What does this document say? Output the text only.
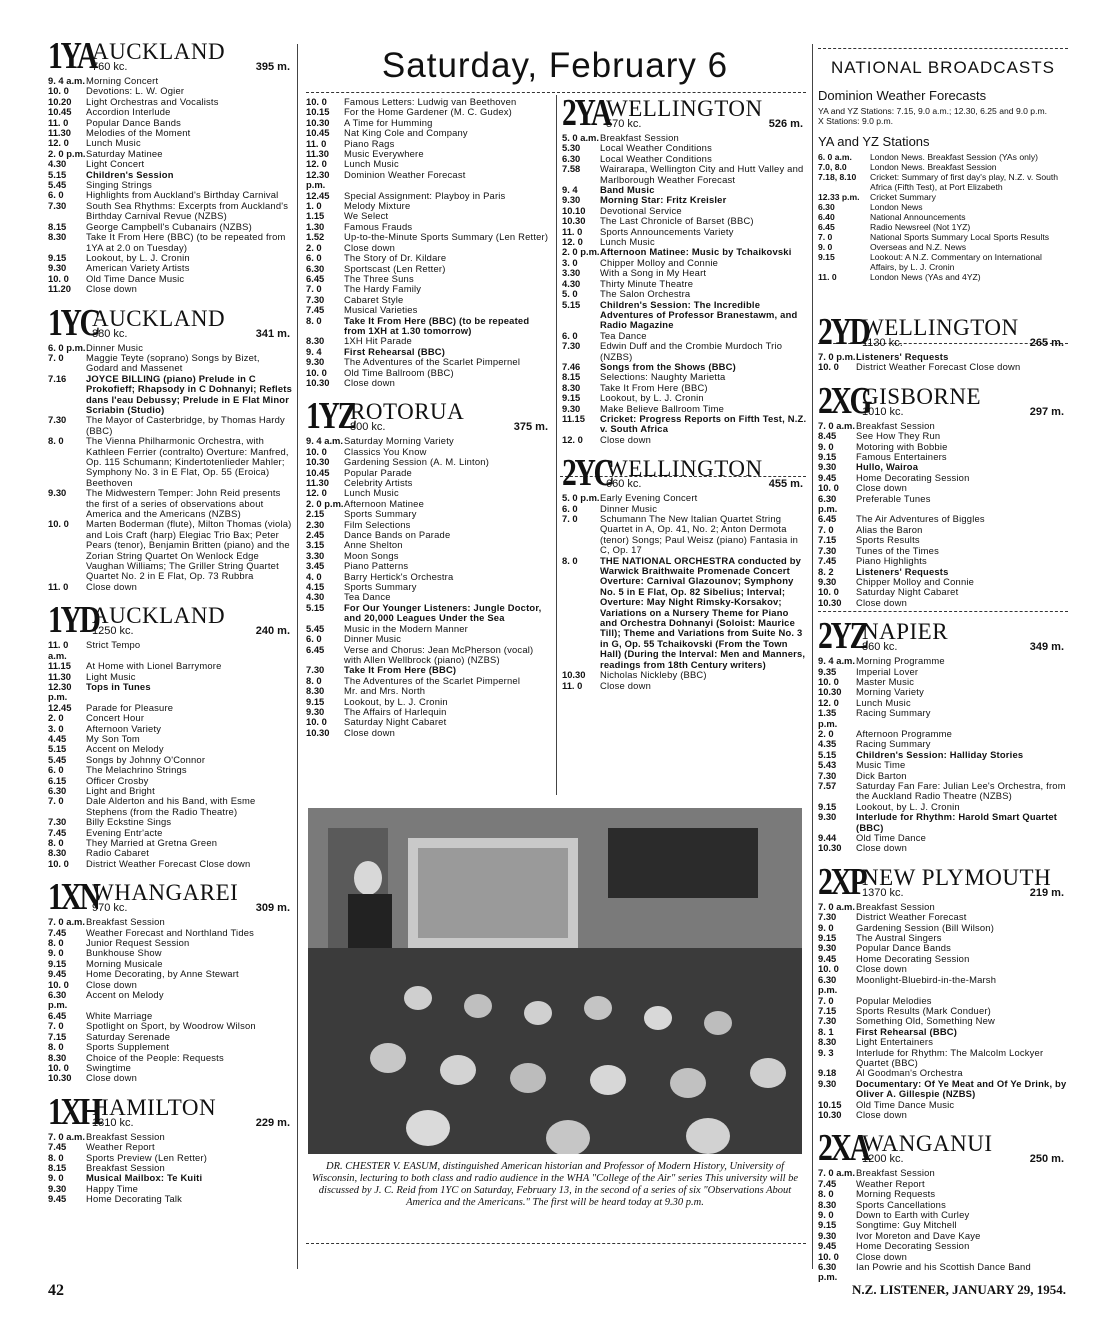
Saturday, February 6
1YA
AUCKLAND
760 kc.	395 m.
9. 4 a.m. Morning Concert
10. 0	Devotions: L. W. Ogier
10.20	Light Orchestras and Vocalists
10.45	Accordion Interlude
11. 0	Popular Dance Bands
11.30	Melodies of the Moment
12. 0	Lunch Music
2. 0 p.m. Saturday Matinee
4.30	Light Concert
5.15	Children's Session
5.45	Singing Strings
6. 0	Highlights from Auckland's Birthday Carnival
7.30	South Sea Rhythms: Excerpts from Auckland's Birthday Carnival Revue (NZBS)
8.15	George Campbell's Cubanairs (NZBS)
8.30	Take It From Here (BBC) (to be repeated from 1YA at 2.0 on Tuesday)
9.15	Lookout, by L. J. Cronin
9.30	American Variety Artists
10. 0	Old Time Dance Music
11.20	Close down
1YC
AUCKLAND
880 kc.	341 m.
6. 0 p.m. Dinner Music
7. 0	Maggie Teyte (soprano) Songs by Bizet, Godard and Massenet
7.16	JOYCE BILLING (piano) Prelude in C Prokofieff; Rhapsody in C Dohnanyi; Reflets dans l'eau Debussy; Prelude in E Flat Minor Scriabin (Studio)
7.30	The Mayor of Casterbridge, by Thomas Hardy (BBC)
8. 0	The Vienna Philharmonic Orchestra, with Kathleen Ferrier (contralto) Overture: Manfred, Op. 115 Schumann; Kindertotenlieder Mahler; Symphony No. 3 in E Flat, Op. 55 (Eroica) Beethoven
9.30	The Midwestern Temper: John Reid presents the first of a series of observations about America and the Americans (NZBS)
10. 0	Marten Boderman (flute), Milton Thomas (viola) and Lois Craft (harp) Elegiac Trio Bax; Peter Pears (tenor), Benjamin Britten (piano) and the Zorian String Quartet On Wenlock Edge Vaughan Williams; The Griller String Quartet Quartet No. 2 in E Flat, Op. 73 Rubbra
11. 0	Close down
1YD
AUCKLAND
1250 kc.	240 m.
11. 0 a.m.
Strict Tempo
11.15	At Home with Lionel Barrymore
11.30	Light Music
12.30 p.m.
Tops in Tunes
12.45	Parade for Pleasure
2. 0	Concert Hour
3. 0	Afternoon Variety
4.45	My Son Tom
5.15	Accent on Melody
5.45	Songs by Johnny O'Connor
6. 0	The Melachrino Strings
6.15	Officer Crosby
6.30	Light and Bright
7. 0	Dale Alderton and his Band, with Esme Stephens (from the Radio Theatre)
7.30	Billy Eckstine Sings
7.45	Evening Entr'acte
8. 0	They Married at Gretna Green
8.30	Radio Cabaret
10. 0	District Weather Forecast Close down
1XN
WHANGAREI
970 kc.	309 m.
7. 0 a.m. Breakfast Session
7.45	Weather Forecast and Northland Tides
8. 0	Junior Request Session
9. 0	Bunkhouse Show
9.15	Morning Musicale
9.45	Home Decorating, by Anne Stewart
10. 0	Close down
6.30 p.m.
Accent on Melody
6.45	White Marriage
7. 0	Spotlight on Sport, by Woodrow Wilson
7.15	Saturday Serenade
8. 0	Sports Supplement
8.30	Choice of the People: Requests
10. 0	Swingtime
10.30	Close down
1XH
HAMILTON
1310 kc.	229 m.
7. 0 a.m. Breakfast Session
7.45	Weather Report
8. 0	Sports Preview (Len Retter)
8.15	Breakfast Session
9. 0	Musical Mailbox: Te Kuiti
9.30	Happy Time
9.45	Home Decorating Talk
10. 0	Famous Letters: Ludwig van Beethoven
10.15	For the Home Gardener (M. C. Gudex)
10.30	A Time for Humming
10.45	Nat King Cole and Company
11. 0	Piano Rags
11.30	Music Everywhere
12. 0	Lunch Music
12.30 p.m.
Dominion Weather Forecast
12.45	Special Assignment: Playboy in Paris
1. 0	Melody Mixture
1.15	We Select
1.30	Famous Frauds
1.52	Up-to-the-Minute Sports Summary (Len Retter)
2. 0	Close down
6. 0	The Story of Dr. Kildare
6.30	Sportscast (Len Retter)
6.45	The Three Suns
7. 0	The Hardy Family
7.30	Cabaret Style
7.45	Musical Varieties
8. 0	Take It From Here (BBC) (to be repeated from 1XH at 1.30 tomorrow)
8.30	1XH Hit Parade
9. 4	First Rehearsal (BBC)
9.30	The Adventures of the Scarlet Pimpernel
10. 0	Old Time Ballroom (BBC)
10.30	Close down
1YZ
ROTORUA
800 kc.	375 m.
9. 4 a.m. Saturday Morning Variety
10. 0	Classics You Know
10.30	Gardening Session (A. M. Linton)
10.45	Popular Parade
11.30	Celebrity Artists
12. 0	Lunch Music
2. 0 p.m. Afternoon Matinee
2.15	Sports Summary
2.30	Film Selections
2.45	Dance Bands on Parade
3.15	Anne Shelton
3.30	Moon Songs
3.45	Piano Patterns
4. 0	Barry Hertick's Orchestra
4.15	Sports Summary
4.30	Tea Dance
5.15	For Our Younger Listeners: Jungle Doctor, and 20,000 Leagues Under the Sea
5.45	Music in the Modern Manner
6. 0	Dinner Music
6.45	Verse and Chorus: Jean McPherson (vocal) with Allen Wellbrock (piano) (NZBS)
7.30	Take It From Here (BBC)
8. 0	The Adventures of the Scarlet Pimpernel
8.30	Mr. and Mrs. North
9.15	Lookout, by L. J. Cronin
9.30	The Affairs of Harlequin
10. 0	Saturday Night Cabaret
10.30	Close down
2YA
WELLINGTON
570 kc.	526 m.
5. 0 a.m. Breakfast Session
5.30	Local Weather Conditions
6.30	Local Weather Conditions
7.58	Wairarapa, Wellington City and Hutt Valley and Marlborough Weather Forecast
9. 4	Band Music
9.30	Morning Star: Fritz Kreisler
10.10	Devotional Service
10.30	The Last Chronicle of Barset (BBC)
11. 0	Sports Announcements Variety
12. 0	Lunch Music
2. 0 p.m. Afternoon Matinee: Music by Tchaikovski
3. 0	Chipper Molloy and Connie
3.30	With a Song in My Heart
4.30	Thirty Minute Theatre
5. 0	The Salon Orchestra
5.15	Children's Session: The Incredible Adventures of Professor Branestawm, and Radio Magazine
6. 0	Tea Dance
7.30	Edwin Duff and the Crombie Murdoch Trio (NZBS)
7.46	Songs from the Shows (BBC)
8.15	Selections: Naughty Marietta
8.30	Take It From Here (BBC)
9.15	Lookout, by L. J. Cronin
9.30	Make Believe Ballroom Time
11.15	Cricket: Progress Reports on Fifth Test, N.Z. v. South Africa
12. 0	Close down
2YC
WELLINGTON
660 kc.	455 m.
5. 0 p.m. Early Evening Concert
6. 0	Dinner Music
7. 0	Schumann The New Italian Quartet String Quartet in A, Op. 41, No. 2; Anton Dermota (tenor) Songs; Paul Weisz (piano) Fantasia in C, Op. 17
8. 0	THE NATIONAL ORCHESTRA conducted by Warwick Braithwaite Promenade Concert Overture: Carnival Glazounov; Symphony No. 5 in E Flat, Op. 82 Sibelius; Interval; Overture: May Night Rimsky-Korsakov; Variations on a Nursery Theme for Piano and Orchestra Dohnanyi (Soloist: Maurice Till); Theme and Variations from Suite No. 3 in G, Op. 55 Tchaikovski (From the Town Hall) (During the Interval: Men and Manners, readings from 18th Century writers)
10.30	Nicholas Nickleby (BBC)
11. 0	Close down
NATIONAL BROADCASTS
Dominion Weather Forecasts
YA and YZ Stations: 7.15, 9.0 a.m.; 12.30, 6.25 and 9.0 p.m.
X Stations: 9.0 p.m.
YA and YZ Stations
6. 0 a.m.	London News. Breakfast Session (YAs only)
7.0, 8.0	London News. Breakfast Session
7.18, 8.10	Cricket: Summary of first day's play, N.Z. v. South Africa (Fifth Test), at Port Elizabeth
12.33 p.m.	Cricket Summary
6.30	London News
6.40	National Announcements
6.45	Radio Newsreel (Not 1YZ)
7. 0	National Sports Summary Local Sports Results
9. 0	Overseas and N.Z. News
9.15	Lookout: A N.Z. Commentary on International Affairs, by L. J. Cronin
11. 0	London News (YAs and 4YZ)
2YD
WELLINGTON
1130 kc.	265 m.
7. 0 p.m. Listeners' Requests
10. 0	District Weather Forecast Close down
2XG
GISBORNE
1010 kc.	297 m.
7. 0 a.m. Breakfast Session
8.45	See How They Run
9. 0	Motoring with Bobbie
9.15	Famous Entertainers
9.30	Hullo, Wairoa
9.45	Home Decorating Session
10. 0	Close down
6.30 p.m.
Preferable Tunes
6.45	The Air Adventures of Biggles
7. 0	Alias the Baron
7.15	Sports Results
7.30	Tunes of the Times
7.45	Piano Highlights
8. 2	Listeners' Requests
9.30	Chipper Molloy and Connie
10. 0	Saturday Night Cabaret
10.30	Close down
2YZ
NAPIER
860 kc.	349 m.
9. 4 a.m. Morning Programme
9.35	Imperial Lover
10. 0	Master Music
10.30	Morning Variety
12. 0	Lunch Music
1.35 p.m.
Racing Summary
2. 0	Afternoon Programme
4.35	Racing Summary
5.15	Children's Session: Halliday Stories
5.43	Music Time
7.30	Dick Barton
7.57	Saturday Fan Fare: Julian Lee's Orchestra, from the Auckland Radio Theatre (NZBS)
9.15	Lookout, by L. J. Cronin
9.30	Interlude for Rhythm: Harold Smart Quartet (BBC)
9.44	Old Time Dance
10.30	Close down
2XP
NEW PLYMOUTH
1370 kc.	219 m.
7. 0 a.m. Breakfast Session
7.30	District Weather Forecast
9. 0	Gardening Session (Bill Wilson)
9.15	The Austral Singers
9.30	Popular Dance Bands
9.45	Home Decorating Session
10. 0	Close down
6.30 p.m.
Moonlight-Bluebird-in-the-Marsh
7. 0	Popular Melodies
7.15	Sports Results (Mark Conduer)
7.30	Something Old, Something New
8. 1	First Rehearsal (BBC)
8.30	Light Entertainers
9. 3	Interlude for Rhythm: The Malcolm Lockyer Quartet (BBC)
9.18	Al Goodman's Orchestra
9.30	Documentary: Of Ye Meat and Of Ye Drink, by Oliver A. Gillespie (NZBS)
10.15	Old Time Dance Music
10.30	Close down
2XA
WANGANUI
1200 kc.	250 m.
7. 0 a.m. Breakfast Session
7.45	Weather Report
8. 0	Morning Requests
8.30	Sports Cancellations
9. 0	Down to Earth with Curley
9.15	Songtime: Guy Mitchell
9.30	Ivor Moreton and Dave Kaye
9.45	Home Decorating Session
10. 0	Close down
6.30 p.m.
Ian Powrie and his Scottish Dance Band
DR. CHESTER V. EASUM, distinguished American historian and Professor of Modern History, University of Wisconsin, lecturing to both class and radio audience in the WHA "College of the Air" series This university will be discussed by J. C. Reid from 1YC on Saturday, February 13, in the second of a series of six "Observations About America and the Americans." The first will be heard today at 9.30 p.m.
42	N.Z. LISTENER, JANUARY 29, 1954.
